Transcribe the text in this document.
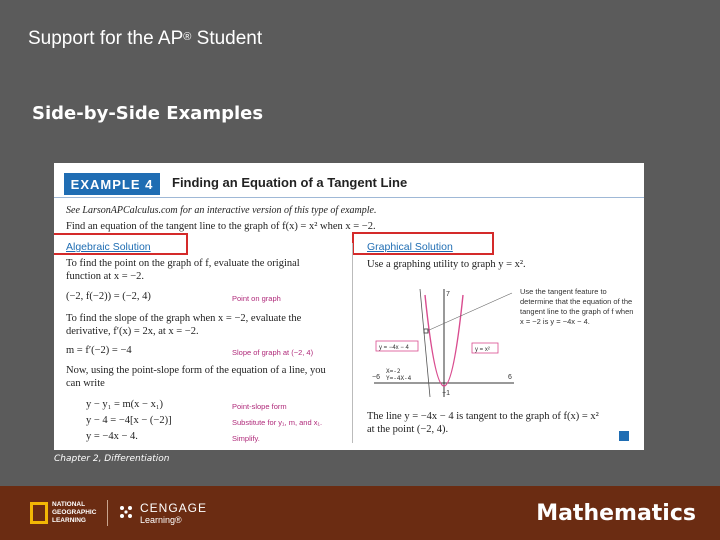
Support for the AP® Student
Side-by-Side Examples
EXAMPLE 4	Finding an Equation of a Tangent Line
See LarsonAPCalculus.com for an interactive version of this type of example.
Find an equation of the tangent line to the graph of f(x) = x² when x = −2.
Algebraic Solution	Graphical Solution
To find the point on the graph of f, evaluate the original
function at x = −2.
(−2, f(−2)) = (−2, 4)	Point on graph
To find the slope of the graph when x = −2, evaluate the
derivative, f′(x) = 2x, at x = −2.
m = f′(−2) = −4	Slope of graph at (−2, 4)
Now, using the point-slope form of the equation of a line, you
can write
y − y₁ = m(x − x₁)	Point-slope form
y − 4 = −4[x − (−2)]	Substitute for y₁, m, and x₁.
y = −4x − 4.	Simplify.
Use a graphing utility to graph y = x².
y = −4x − 4	y = x²
7
−1
−6	6
X=-2
Y=-4X-4
Use the tangent feature to determine that the equation of the tangent line to the graph of f when x = −2 is y = −4x − 4.
The line y = −4x − 4 is tangent to the graph of f(x) = x²
at the point (−2, 4).
Chapter 2, Differentiation
NATIONAL
GEOGRAPHIC
LEARNING
CENGAGE
Learning®	Mathematics
